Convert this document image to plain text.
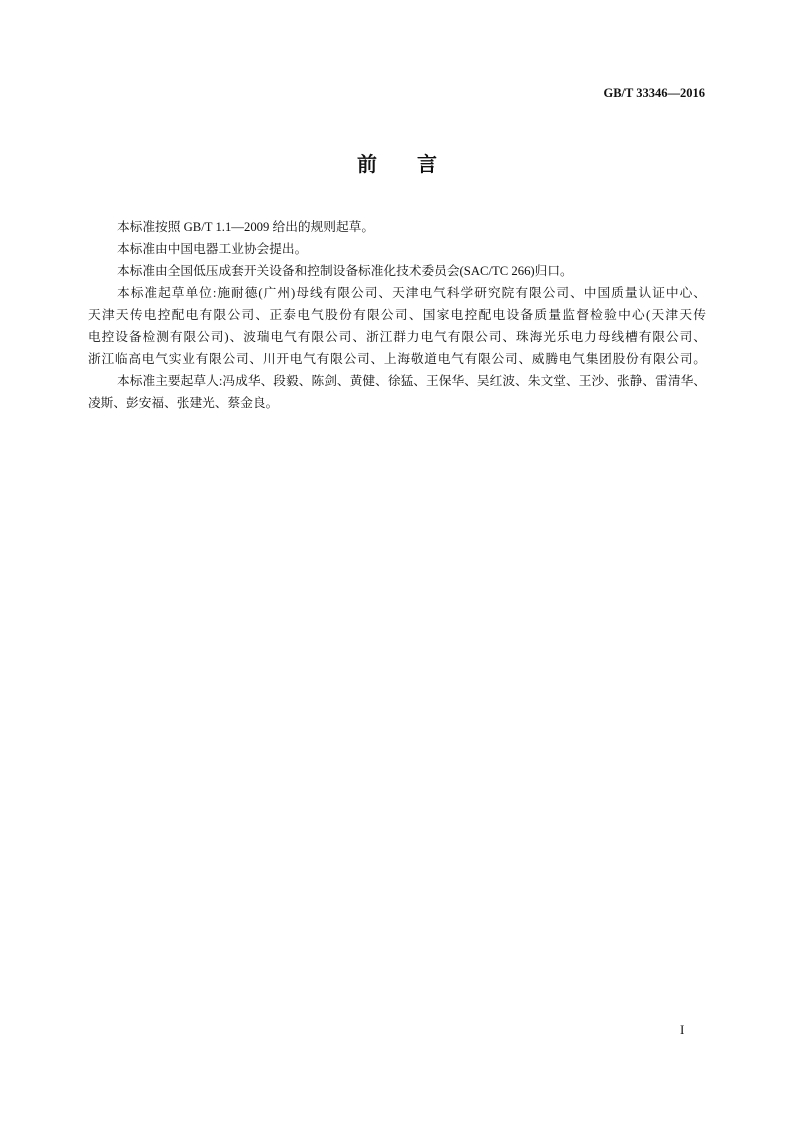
GB/T 33346—2016
前　　言
本标准按照 GB/T 1.1—2009 给出的规则起草。
本标准由中国电器工业协会提出。
本标准由全国低压成套开关设备和控制设备标准化技术委员会(SAC/TC 266)归口。
本标准起草单位:施耐德(广州)母线有限公司、天津电气科学研究院有限公司、中国质量认证中心、
天津天传电控配电有限公司、正泰电气股份有限公司、国家电控配电设备质量监督检验中心(天津天传
电控设备检测有限公司)、波瑞电气有限公司、浙江群力电气有限公司、珠海光乐电力母线槽有限公司、
浙江临高电气实业有限公司、川开电气有限公司、上海敬道电气有限公司、威腾电气集团股份有限公司。
本标准主要起草人:冯成华、段毅、陈剑、黄健、徐猛、王保华、吴红波、朱文堂、王沙、张静、雷清华、
凌斯、彭安福、张建光、蔡金良。
I
